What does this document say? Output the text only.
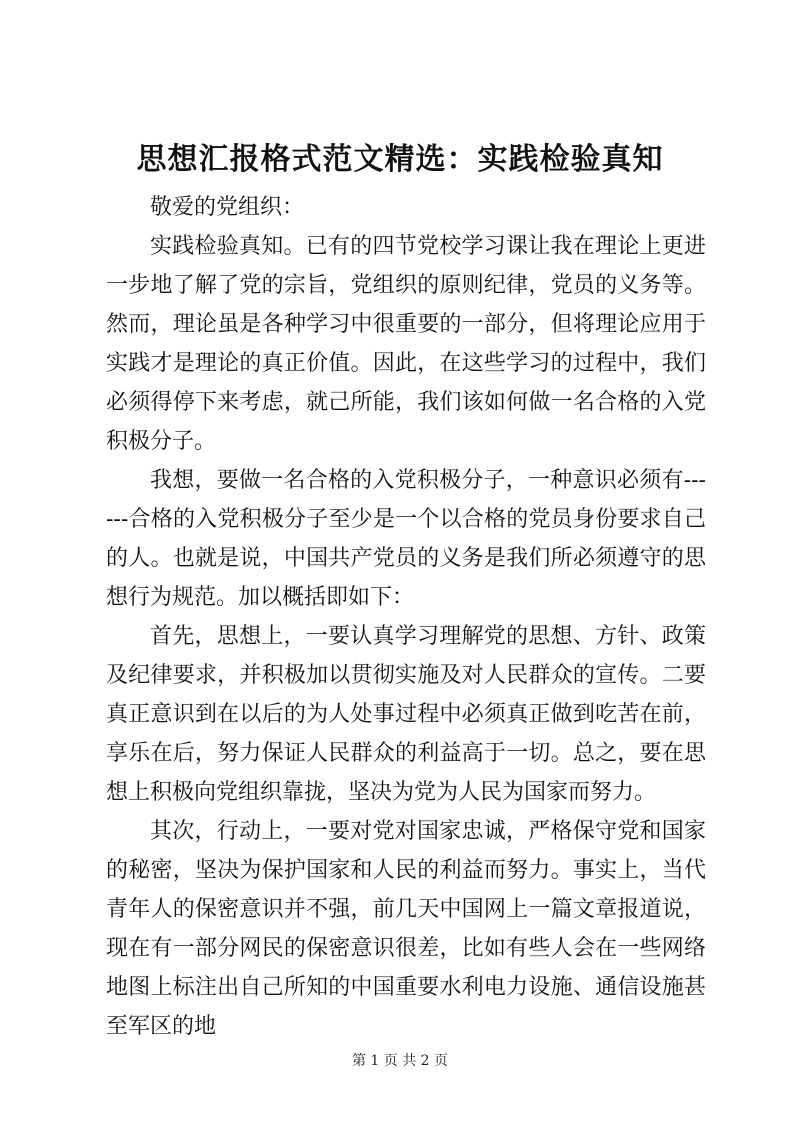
思想汇报格式范文精选：实践检验真知

敬爱的党组织：

实践检验真知。已有的四节党校学习课让我在理论上更进一步地了解了党的宗旨，党组织的原则纪律，党员的义务等。然而，理论虽是各种学习中很重要的一部分，但将理论应用于实践才是理论的真正价值。因此，在这些学习的过程中，我们必须得停下来考虑，就己所能，我们该如何做一名合格的入党积极分子。

我想，要做一名合格的入党积极分子，一种意识必须有------合格的入党积极分子至少是一个以合格的党员身份要求自己的人。也就是说，中国共产党员的义务是我们所必须遵守的思想行为规范。加以概括即如下：

首先，思想上，一要认真学习理解党的思想、方针、政策及纪律要求，并积极加以贯彻实施及对人民群众的宣传。二要真正意识到在以后的为人处事过程中必须真正做到吃苦在前，享乐在后，努力保证人民群众的利益高于一切。总之，要在思想上积极向党组织靠拢，坚决为党为人民为国家而努力。

其次，行动上，一要对党对国家忠诚，严格保守党和国家的秘密，坚决为保护国家和人民的利益而努力。事实上，当代青年人的保密意识并不强，前几天中国网上一篇文章报道说，现在有一部分网民的保密意识很差，比如有些人会在一些网络地图上标注出自己所知的中国重要水利电力设施、通信设施甚至军区的地

第 1 页 共 2 页
